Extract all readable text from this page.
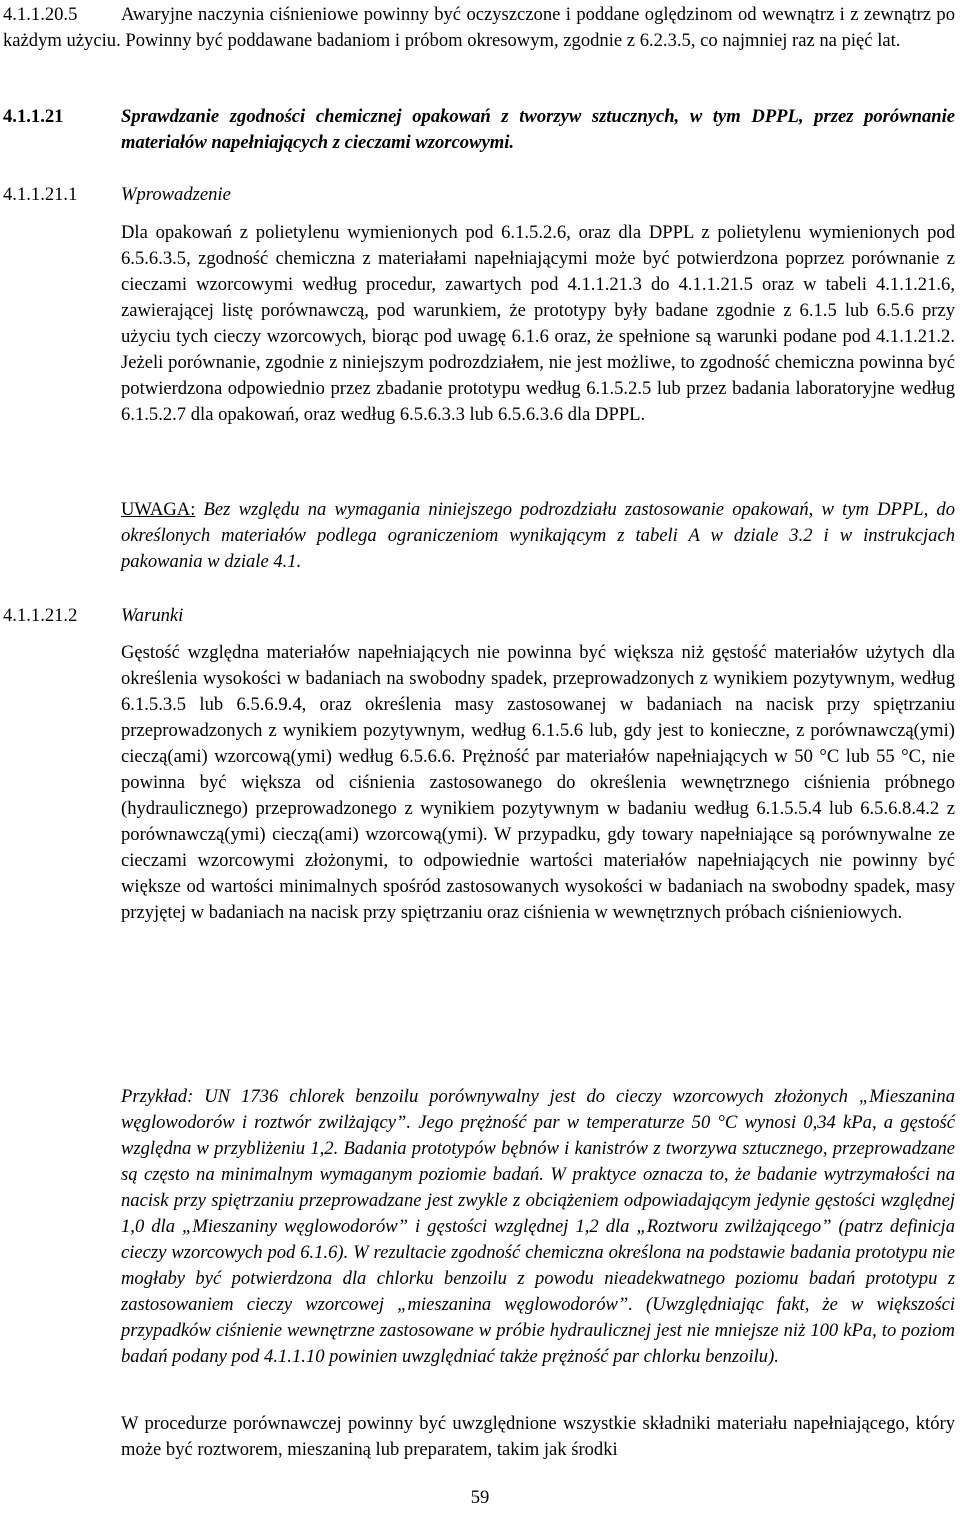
4.1.1.20.5	Awaryjne naczynia ciśnieniowe powinny być oczyszczone i poddane oględzinom od wewnątrz i z zewnątrz po każdym użyciu. Powinny być poddawane badaniom i próbom okresowym, zgodnie z 6.2.3.5, co najmniej raz na pięć lat.
4.1.1.21	Sprawdzanie zgodności chemicznej opakowań z tworzyw sztucznych, w tym DPPL, przez porównanie materiałów napełniających z cieczami wzorcowymi.
4.1.1.21.1 Wprowadzenie
Dla opakowań z polietylenu wymienionych pod 6.1.5.2.6, oraz dla DPPL z polietylenu wymienionych pod 6.5.6.3.5, zgodność chemiczna z materiałami napełniającymi może być potwierdzona poprzez porównanie z cieczami wzorcowymi według procedur, zawartych pod 4.1.1.21.3 do 4.1.1.21.5 oraz w tabeli 4.1.1.21.6, zawierającej listę porównawczą, pod warunkiem, że prototypy były badane zgodnie z 6.1.5 lub 6.5.6 przy użyciu tych cieczy wzorcowych, biorąc pod uwagę 6.1.6 oraz, że spełnione są warunki podane pod 4.1.1.21.2. Jeżeli porównanie, zgodnie z niniejszym podrozdziałem, nie jest możliwe, to zgodność chemiczna powinna być potwierdzona odpowiednio przez zbadanie prototypu według 6.1.5.2.5 lub przez badania laboratoryjne według 6.1.5.2.7 dla opakowań, oraz według 6.5.6.3.3 lub 6.5.6.3.6 dla DPPL.
UWAGA: Bez względu na wymagania niniejszego podrozdziału zastosowanie opakowań, w tym DPPL, do określonych materiałów podlega ograniczeniom wynikającym z tabeli A w dziale 3.2 i w instrukcjach pakowania w dziale 4.1.
4.1.1.21.2 Warunki
Gęstość względna materiałów napełniających nie powinna być większa niż gęstość materiałów użytych dla określenia wysokości w badaniach na swobodny spadek, przeprowadzonych z wynikiem pozytywnym, według 6.1.5.3.5 lub 6.5.6.9.4, oraz określenia masy zastosowanej w badaniach na nacisk przy spiętrzaniu przeprowadzonych z wynikiem pozytywnym, według 6.1.5.6 lub, gdy jest to konieczne, z porównawczą(ymi) cieczą(ami) wzorcową(ymi) według 6.5.6.6. Prężność par materiałów napełniających w 50 °C lub 55 °C, nie powinna być większa od ciśnienia zastosowanego do określenia wewnętrznego ciśnienia próbnego (hydraulicznego) przeprowadzonego z wynikiem pozytywnym w badaniu według 6.1.5.5.4 lub 6.5.6.8.4.2 z porównawczą(ymi) cieczą(ami) wzorcową(ymi). W przypadku, gdy towary napełniające są porównywalne ze cieczami wzorcowymi złożonymi, to odpowiednie wartości materiałów napełniających nie powinny być większe od wartości minimalnych spośród zastosowanych wysokości w badaniach na swobodny spadek, masy przyjętej w badaniach na nacisk przy spiętrzaniu oraz ciśnienia w wewnętrznych próbach ciśnieniowych.
Przykład: UN 1736 chlorek benzoilu porównywalny jest do cieczy wzorcowych złożonych „Mieszanina węglowodorów i roztwór zwilżający”. Jego prężność par w temperaturze 50 °C wynosi 0,34 kPa, a gęstość względna w przybliżeniu 1,2. Badania prototypów bębnów i kanistrów z tworzywa sztucznego, przeprowadzane są często na minimalnym wymaganym poziomie badań. W praktyce oznacza to, że badanie wytrzymałości na nacisk przy spiętrzaniu przeprowadzane jest zwykle z obciążeniem odpowiadającym jedynie gęstości względnej 1,0 dla „Mieszaniny węglowodorów” i gęstości względnej 1,2 dla „Roztworu zwilżającego” (patrz definicja cieczy wzorcowych pod 6.1.6). W rezultacie zgodność chemiczna określona na podstawie badania prototypu nie mogłaby być potwierdzona dla chlorku benzoilu z powodu nieadekwatnego poziomu badań prototypu z zastosowaniem cieczy wzorcowej „mieszanina węglowodorów”. (Uwzględniając fakt, że w większości przypadków ciśnienie wewnętrzne zastosowane w próbie hydraulicznej jest nie mniejsze niż 100 kPa, to poziom badań podany pod 4.1.1.10 powinien uwzględniać także prężność par chlorku benzoilu).
W procedurze porównawczej powinny być uwzględnione wszystkie składniki materiału napełniającego, który może być roztworem, mieszaniną lub preparatem, takim jak środki
59
